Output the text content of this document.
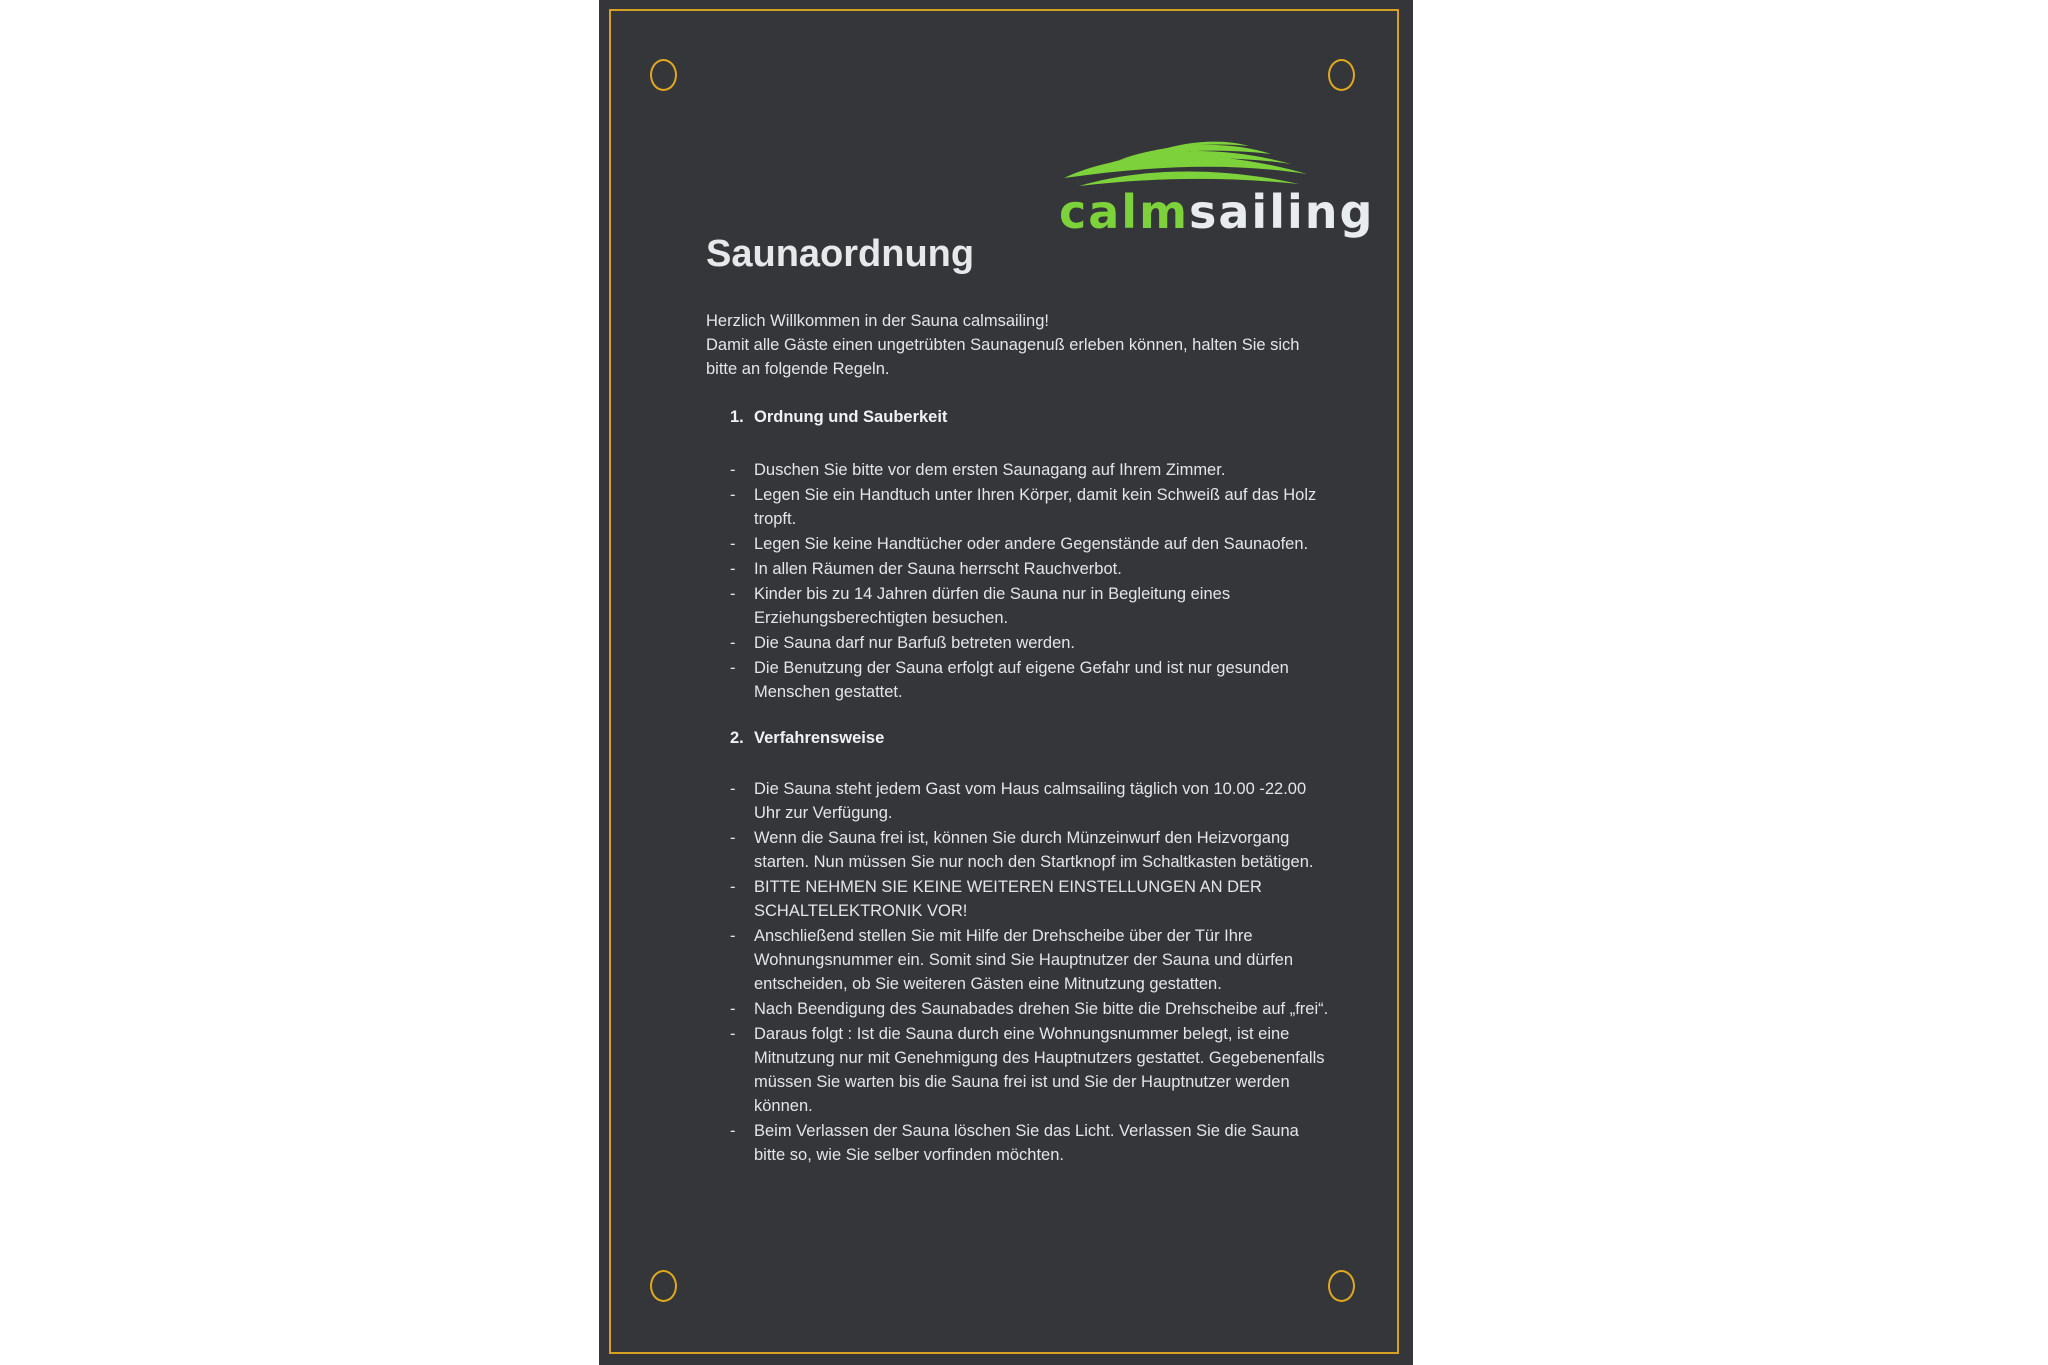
calmsailing
Saunaordnung

Herzlich Willkommen in der Sauna calmsailing!
Damit alle Gäste einen ungetrübten Saunagenuß erleben können, halten Sie sich bitte an folgende Regeln.

1. Ordnung und Sauberkeit
- Duschen Sie bitte vor dem ersten Saunagang auf Ihrem Zimmer.
- Legen Sie ein Handtuch unter Ihren Körper, damit kein Schweiß auf das Holz tropft.
- Legen Sie keine Handtücher oder andere Gegenstände auf den Saunaofen.
- In allen Räumen der Sauna herrscht Rauchverbot.
- Kinder bis zu 14 Jahren dürfen die Sauna nur in Begleitung eines Erziehungsberechtigten besuchen.
- Die Sauna darf nur Barfuß betreten werden.
- Die Benutzung der Sauna erfolgt auf eigene Gefahr und ist nur gesunden Menschen gestattet.
2. Verfahrensweise
- Die Sauna steht jedem Gast vom Haus calmsailing täglich von 10.00 -22.00 Uhr zur Verfügung.
- Wenn die Sauna frei ist, können Sie durch Münzeinwurf den Heizvorgang starten. Nun müssen Sie nur noch den Startknopf im Schaltkasten betätigen.
- BITTE NEHMEN SIE KEINE WEITEREN EINSTELLUNGEN AN DER SCHALTELEKTRONIK VOR!
- Anschließend stellen Sie mit Hilfe der Drehscheibe über der Tür Ihre Wohnungsnummer ein. Somit sind Sie Hauptnutzer der Sauna und dürfen entscheiden, ob Sie weiteren Gästen eine Mitnutzung gestatten.
- Nach Beendigung des Saunabades drehen Sie bitte die Drehscheibe auf „frei“.
- Daraus folgt : Ist die Sauna durch eine Wohnungsnummer belegt, ist eine Mitnutzung nur mit Genehmigung des Hauptnutzers gestattet. Gegebenenfalls müssen Sie warten bis die Sauna frei ist und Sie der Hauptnutzer werden können.
- Beim Verlassen der Sauna löschen Sie das Licht. Verlassen Sie die Sauna bitte so, wie Sie selber vorfinden möchten.
